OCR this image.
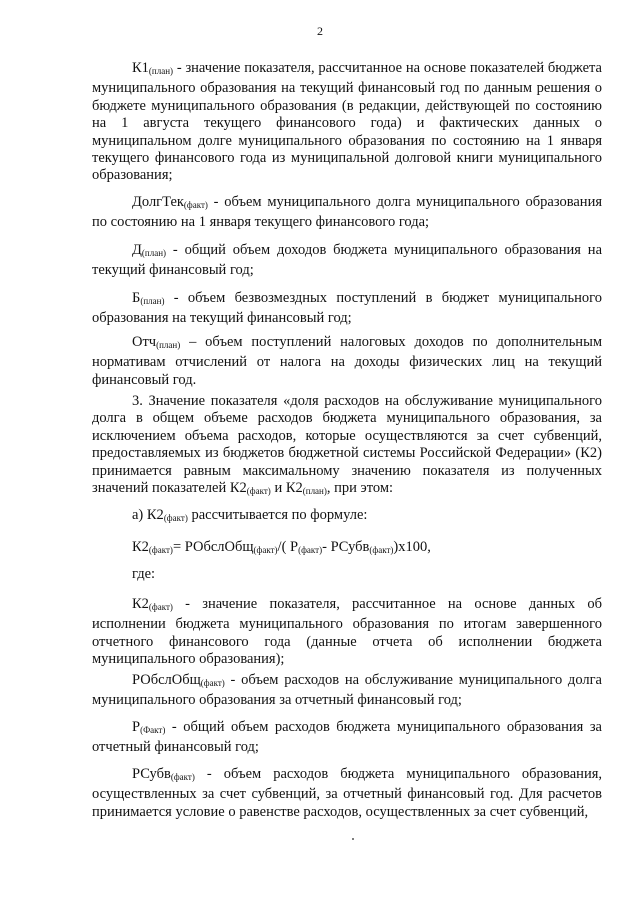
2

$К1_{(план)}$ - значение показателя, рассчитанное на основе показателей бюджета муниципального образования на текущий финансовый год по данным решения о бюджете муниципального образования (в редакции, действующей по состоянию на 1 августа текущего финансового года) и фактических данных о муниципальном долге муниципального образования по состоянию на 1 января текущего финансового года из муниципальной долговой книги муниципального образования;

ДолгТек$_{(факт)}$ - объем муниципального долга муниципального образования по состоянию на 1 января текущего финансового года;

$Д_{(план)}$ - общий объем доходов бюджета муниципального образования на текущий финансовый год;

$Б_{(план)}$ - объем безвозмездных поступлений в бюджет муниципального образования на текущий финансовый год;

Отч$_{(план)}$ – объем поступлений налоговых доходов по дополнительным нормативам отчислений от налога на доходы физических лиц на текущий финансовый год.

3. Значение показателя «доля расходов на обслуживание муниципального долга в общем объеме расходов бюджета муниципального образования, за исключением объема расходов, которые осуществляются за счет субвенций, предоставляемых из бюджетов бюджетной системы Российской Федерации» (К2) принимается равным максимальному значению показателя из полученных значений показателей $К2_{(факт)}$ и $К2_{(план)}$, при этом:

а) $К2_{(факт)}$ рассчитывается по формуле:

$К2_{(факт)}=$ РОбслОбщ$_{(факт)}$/( $Р_{(факт)}-$ РСубв$_{(факт)}$)х100,

где:

$К2_{(факт)}$ - значение показателя, рассчитанное на основе данных об исполнении бюджета муниципального образования по итогам завершенного отчетного финансового года (данные отчета об исполнении бюджета муниципального образования);

РОбслОбщ$_{(факт)}$ - объем расходов на обслуживание муниципального долга муниципального образования за отчетный финансовый год;

$Р_{(Факт)}$ - общий объем расходов бюджета муниципального образования за отчетный финансовый год;

РСубв$_{(факт)}$ - объем расходов бюджета муниципального образования, осуществленных за счет субвенций, за отчетный финансовый год. Для расчетов принимается условие о равенстве расходов, осуществленных за счет субвенций,
